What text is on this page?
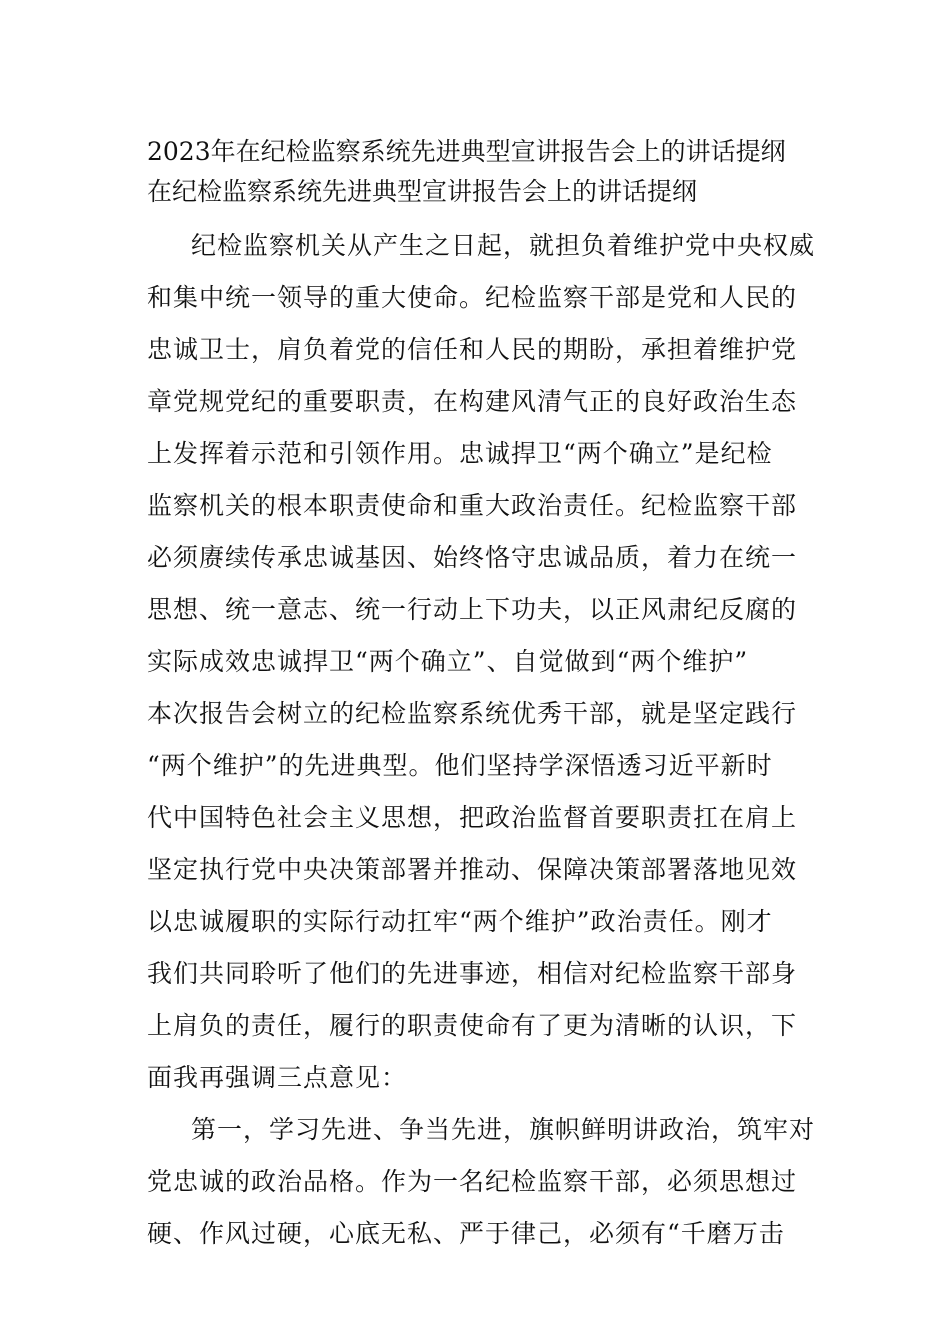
2023年在纪检监察系统先进典型宣讲报告会上的讲话提纲
在纪检监察系统先进典型宣讲报告会上的讲话提纲
纪检监察机关从产生之日起，就担负着维护党中央权威
和集中统一领导的重大使命。纪检监察干部是党和人民的
忠诚卫士，肩负着党的信任和人民的期盼，承担着维护党
章党规党纪的重要职责，在构建风清气正的良好政治生态
上发挥着示范和引领作用。忠诚捍卫“两个确立”是纪检
监察机关的根本职责使命和重大政治责任。纪检监察干部
必须赓续传承忠诚基因、始终恪守忠诚品质，着力在统一
思想、统一意志、统一行动上下功夫，以正风肃纪反腐的
实际成效忠诚捍卫“两个确立”、自觉做到“两个维护”
本次报告会树立的纪检监察系统优秀干部，就是坚定践行
“两个维护”的先进典型。他们坚持学深悟透习近平新时
代中国特色社会主义思想，把政治监督首要职责扛在肩上
坚定执行党中央决策部署并推动、保障决策部署落地见效
以忠诚履职的实际行动扛牢“两个维护”政治责任。刚才
我们共同聆听了他们的先进事迹，相信对纪检监察干部身
上肩负的责任，履行的职责使命有了更为清晰的认识，下
面我再强调三点意见：
第一，学习先进、争当先进，旗帜鲜明讲政治，筑牢对
党忠诚的政治品格。作为一名纪检监察干部，必须思想过
硬、作风过硬，心底无私、严于律己，必须有“千磨万击
